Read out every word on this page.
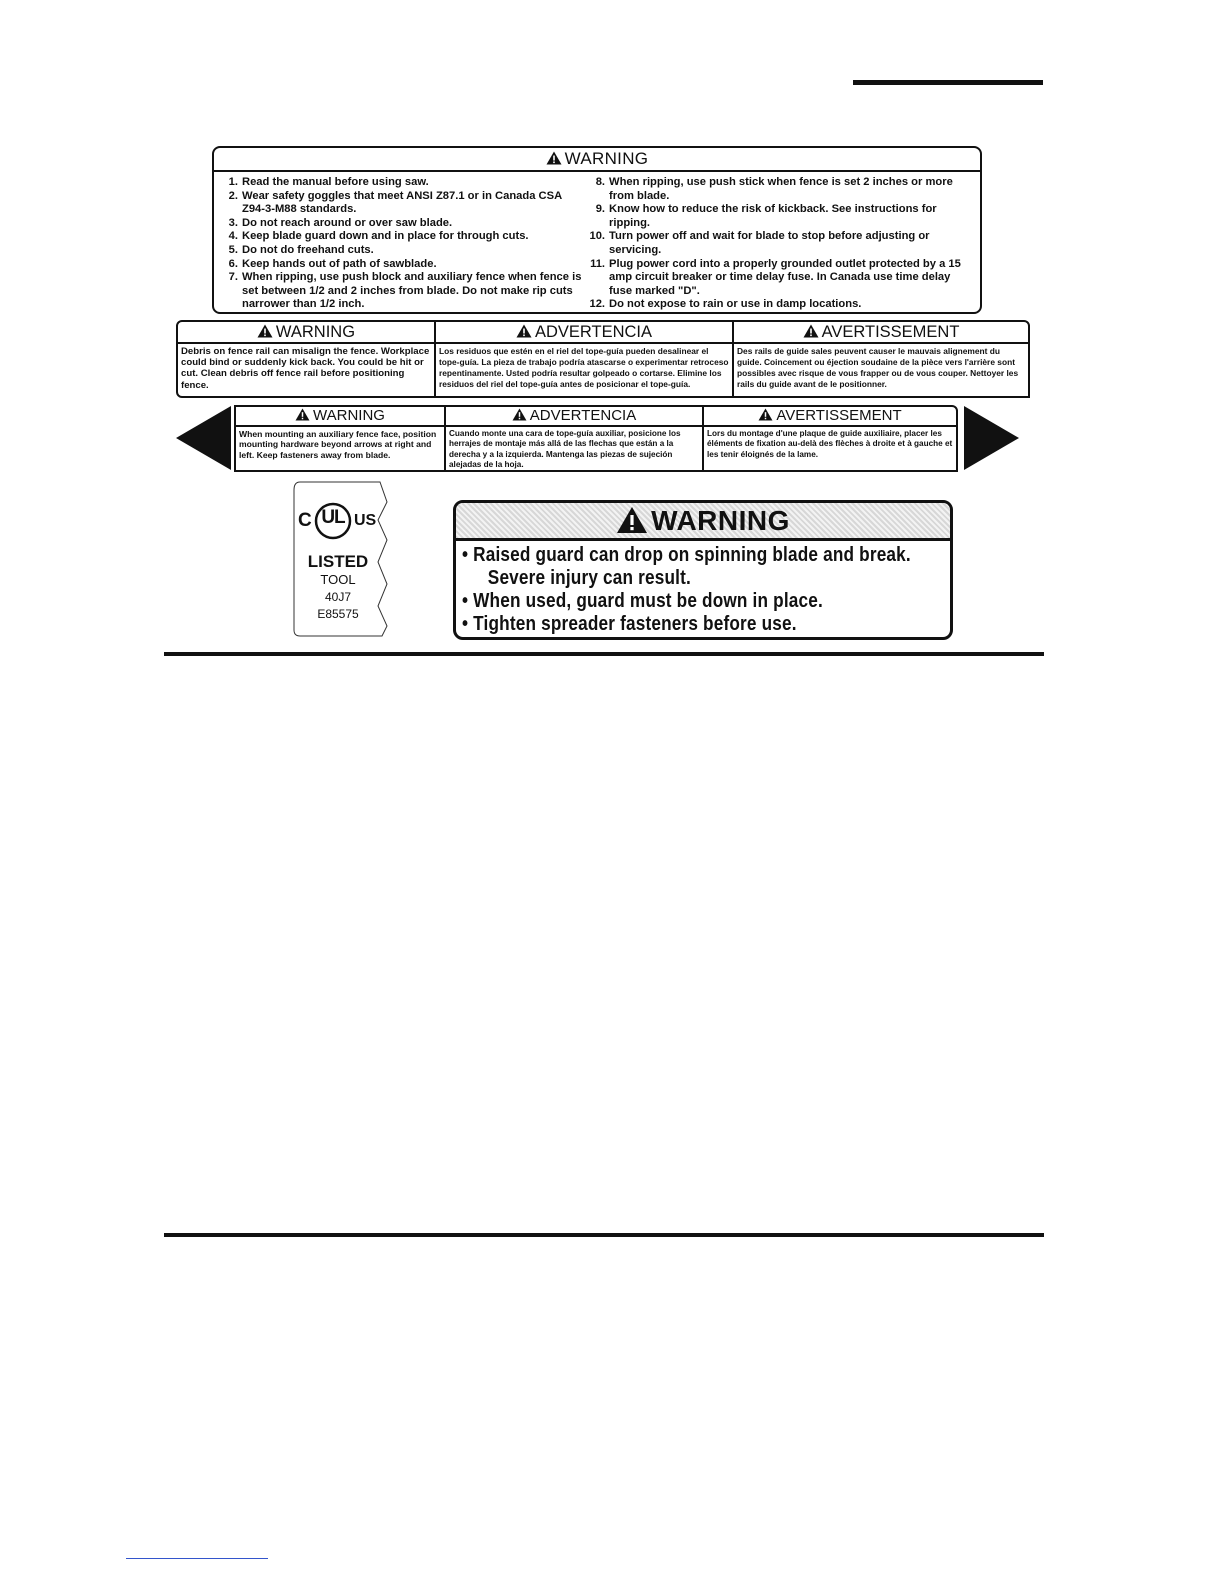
WARNING
1. Read the manual before using saw.
2. Wear safety goggles that meet ANSI Z87.1 or in Canada CSA Z94-3-M88 standards.
3. Do not reach around or over saw blade.
4. Keep blade guard down and in place for through cuts.
5. Do not do freehand cuts.
6. Keep hands out of path of sawblade.
7. When ripping, use push block and auxiliary fence when fence is set between 1/2 and 2 inches from blade. Do not make rip cuts narrower than 1/2 inch.
8. When ripping, use push stick when fence is set 2 inches or more from blade.
9. Know how to reduce the risk of kickback. See instructions for ripping.
10. Turn power off and wait for blade to stop before adjusting or servicing.
11. Plug power cord into a properly grounded outlet protected by a 15 amp circuit breaker or time delay fuse. In Canada use time delay fuse marked "D".
12. Do not expose to rain or use in damp locations.
WARNING
Debris on fence rail can misalign the fence. Workplace could bind or suddenly kick back. You could be hit or cut. Clean debris off fence rail before positioning fence.
ADVERTENCIA
Los residuos que estén en el riel del tope-guía pueden desalinear el tope-guía. La pieza de trabajo podría atascarse o experimentar retroceso repentinamente. Usted podría resultar golpeado o cortarse. Elimine los residuos del riel del tope-guía antes de posicionar el tope-guía.
AVERTISSEMENT
Des rails de guide sales peuvent causer le mauvais alignement du guide. Coincement ou éjection soudaine de la pièce vers l'arrière sont possibles avec risque de vous frapper ou de vous couper. Nettoyer les rails du guide avant de le positionner.
WARNING
When mounting an auxiliary fence face, position mounting hardware beyond arrows at right and left. Keep fasteners away from blade.
ADVERTENCIA
Cuando monte una cara de tope-guía auxiliar, posicione los herrajes de montaje más allá de las flechas que están a la derecha y a la izquierda. Mantenga las piezas de sujeción alejadas de la hoja.
AVERTISSEMENT
Lors du montage d'une plaque de guide auxiliaire, placer les éléments de fixation au-delà des flèches à droite et à gauche et les tenir éloignés de la lame.
C UL US
LISTED
TOOL
40J7
E85575
WARNING
• Raised guard can drop on spinning blade and break.
Severe injury can result.
• When used, guard must be down in place.
• Tighten spreader fasteners before use.
